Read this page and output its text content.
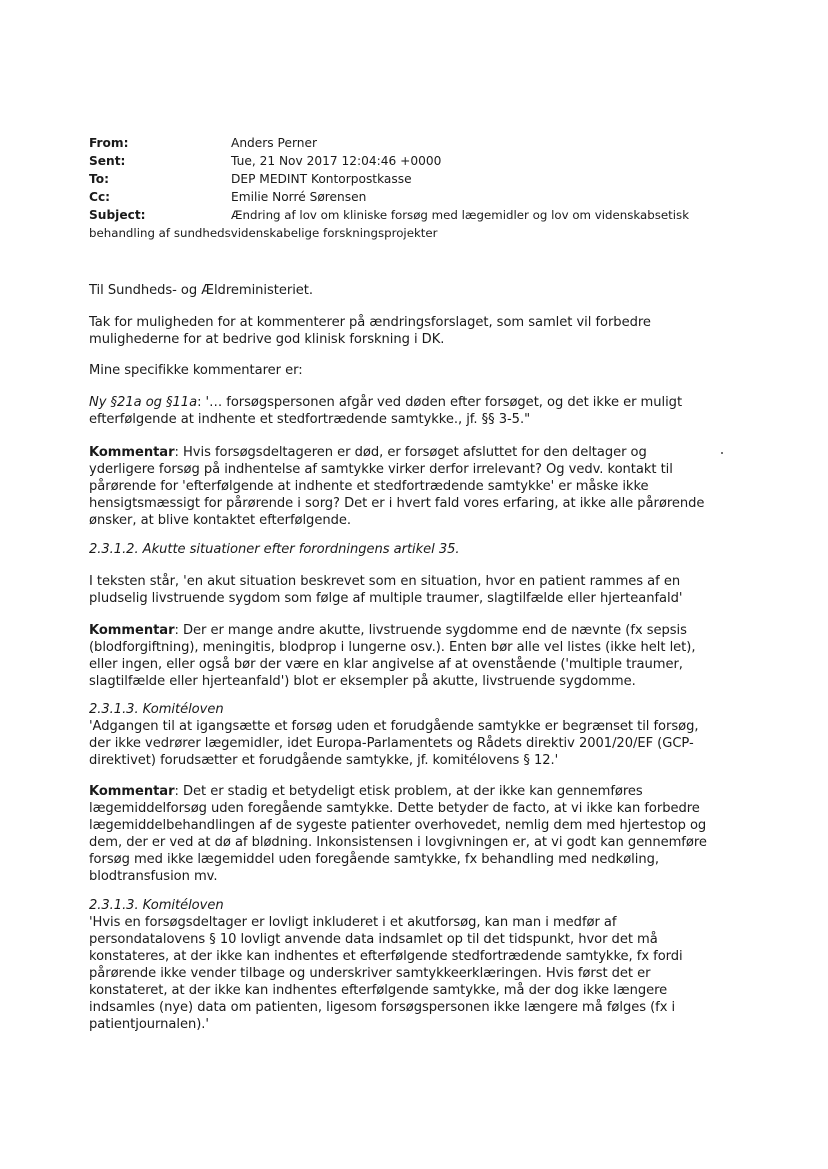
From:	Anders Perner
Sent:	Tue, 21 Nov 2017 12:04:46 +0000
To:	DEP MEDINT Kontorpostkasse
Cc:	Emilie Norré Sørensen
Subject:	Ændring af lov om kliniske forsøg med lægemidler og lov om videnskabsetisk
behandling af sundhedsvidenskabelige forskningsprojekter

Til Sundheds- og Ældreministeriet.

Tak for muligheden for at kommenterer på ændringsforslaget, som samlet vil forbedre

mulighederne for at bedrive god klinisk forskning i DK.

Mine specifikke kommentarer er:

Ny §21a og §11a: '… forsøgspersonen afgår ved døden efter forsøget, og det ikke er muligt

efterfølgende at indhente et stedfortrædende samtykke., jf. §§ 3-5."

Kommentar: Hvis forsøgsdeltageren er død, er forsøget afsluttet for den deltager og

yderligere forsøg på indhentelse af samtykke virker derfor irrelevant? Og vedv. kontakt til

pårørende for 'efterfølgende at indhente et stedfortrædende samtykke' er måske ikke

hensigtsmæssigt for pårørende i sorg? Det er i hvert fald vores erfaring, at ikke alle pårørende

ønsker, at blive kontaktet efterfølgende.

2.3.1.2. Akutte situationer efter forordningens artikel 35.

I teksten står, 'en akut situation beskrevet som en situation, hvor en patient rammes af en

pludselig livstruende sygdom som følge af multiple traumer, slagtilfælde eller hjerteanfald'

Kommentar: Der er mange andre akutte, livstruende sygdomme end de nævnte (fx sepsis

(blodforgiftning), meningitis, blodprop i lungerne osv.). Enten bør alle vel listes (ikke helt let),

eller ingen, eller også bør der være en klar angivelse af at ovenstående ('multiple traumer,

slagtilfælde eller hjerteanfald') blot er eksempler på akutte, livstruende sygdomme.

2.3.1.3. Komitéloven

'Adgangen til at igangsætte et forsøg uden et forudgående samtykke er begrænset til forsøg,

der ikke vedrører lægemidler, idet Europa-Parlamentets og Rådets direktiv 2001/20/EF (GCP-

direktivet) forudsætter et forudgående samtykke, jf. komitélovens § 12.'

Kommentar: Det er stadig et betydeligt etisk problem, at der ikke kan gennemføres

lægemiddelforsøg uden foregående samtykke. Dette betyder de facto, at vi ikke kan forbedre

lægemiddelbehandlingen af de sygeste patienter overhovedet, nemlig dem med hjertestop og

dem, der er ved at dø af blødning. Inkonsistensen i lovgivningen er, at vi godt kan gennemføre

forsøg med ikke lægemiddel uden foregående samtykke, fx behandling med nedkøling,

blodtransfusion mv.

2.3.1.3. Komitéloven

'Hvis en forsøgsdeltager er lovligt inkluderet i et akutforsøg, kan man i medfør af

persondatalovens § 10 lovligt anvende data indsamlet op til det tidspunkt, hvor det må

konstateres, at der ikke kan indhentes et efterfølgende stedfortrædende samtykke, fx fordi

pårørende ikke vender tilbage og underskriver samtykkeerklæringen. Hvis først det er

konstateret, at der ikke kan indhentes efterfølgende samtykke, må der dog ikke længere

indsamles (nye) data om patienten, ligesom forsøgspersonen ikke længere må følges (fx i

patientjournalen).'
